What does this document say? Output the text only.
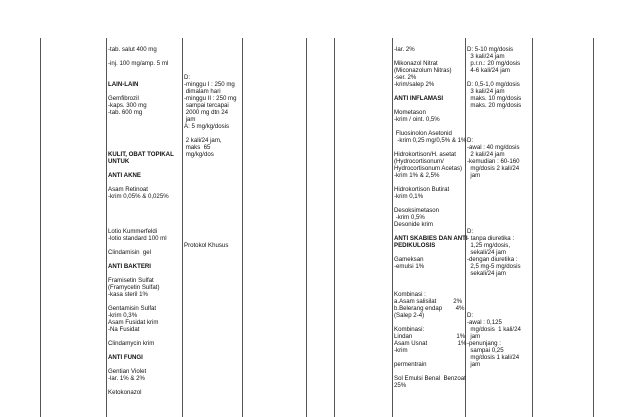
-tab. salut 400 mg
-inj. 100 mg/amp. 5 ml
LAIN-LAIN
Gemfibrozil
-kaps. 300 mg
-tab. 600 mg
KULIT, OBAT TOPIKAL
UNTUK
ANTI AKNE
Asam Retinoat
-krim 0,05% & 0,025%
Lotio Kummerfeldi
-lotio standard 100 ml
Clindamisin  gel
ANTI BAKTERI
Framisetin Sulfat
(Framycetin Sulfat)
-kasa steril 1%
Gentamisin Sulfat
-krim 0,3%
Asam Fusidat krim
-Na Fusidat
Clindamycin krim
ANTI FUNGI
Gentian Violet
-lar. 1% & 2%
Ketokonazol
D:
-minggu I : 250 mg
dimalam hari
-minggu II : 250 mg
sampai tercapai
2000 mg dtn 24
jam
A: 5 mg/kg/dosis
2 kali/24 jam,
maks  65
mg/kg/dos
Protokol Khusus
-lar. 2%
Mikonazol Nitrat
(Miconazolum Nitras)
-ser. 2%
-krim/salep 2%
ANTI INFLAMASI
Mometason
-krim / oint. 0,5%
Fluosinolon Asetonid
-krim 0,25 mg/0,5% & 1%
Hidrokortison/H. asetat
(Hydrocortisonum/
Hydrocortisonum Acetas)
-krim 1% & 2,5%
Hidrokortison Butirat
-krim 0,1%
Desoksimetason
-krim 0,5%
Desonide krim
ANTI SKABIES DAN ANTI
PEDIKULOSIS
Gameksan
-emulsi 1%
Kombinasi :
a.Asam salisilat          2%
b.Belerang endap        4%
(Salep 2-4)
Kombinasi:
Lindan                          1%
Asam Usnat                  1%
-krim
permentrain
Sol Emulsi Benal  Benzoat
25%
D: 5-10 mg/dosis
3 kali/24 jam
p.r.n.: 20 mg/dosis
4-6 kali/24 jam
D: 0,5-1,0 mg/dosis
3 kali/24 jam
maks. 10 mg/dosis
maks. 20 mg/dosis
D:
-awal : 40 mg/dosis
2 kali/24 jam
-kemudian : 60-160
mg/dosis 2 kali/24
jam
D:
- tanpa diuretika :
1,25 mg/dosis,
sekali/24 jam
-dengan diuretika :
2,5 mg-5 mg/dosis
sekali/24 jam
D:
-awal : 0,125
mg/dosis  1 kali/24
jam
-penunjang :
sampai 0,25
mg/dosis 1 kali/24
jam
